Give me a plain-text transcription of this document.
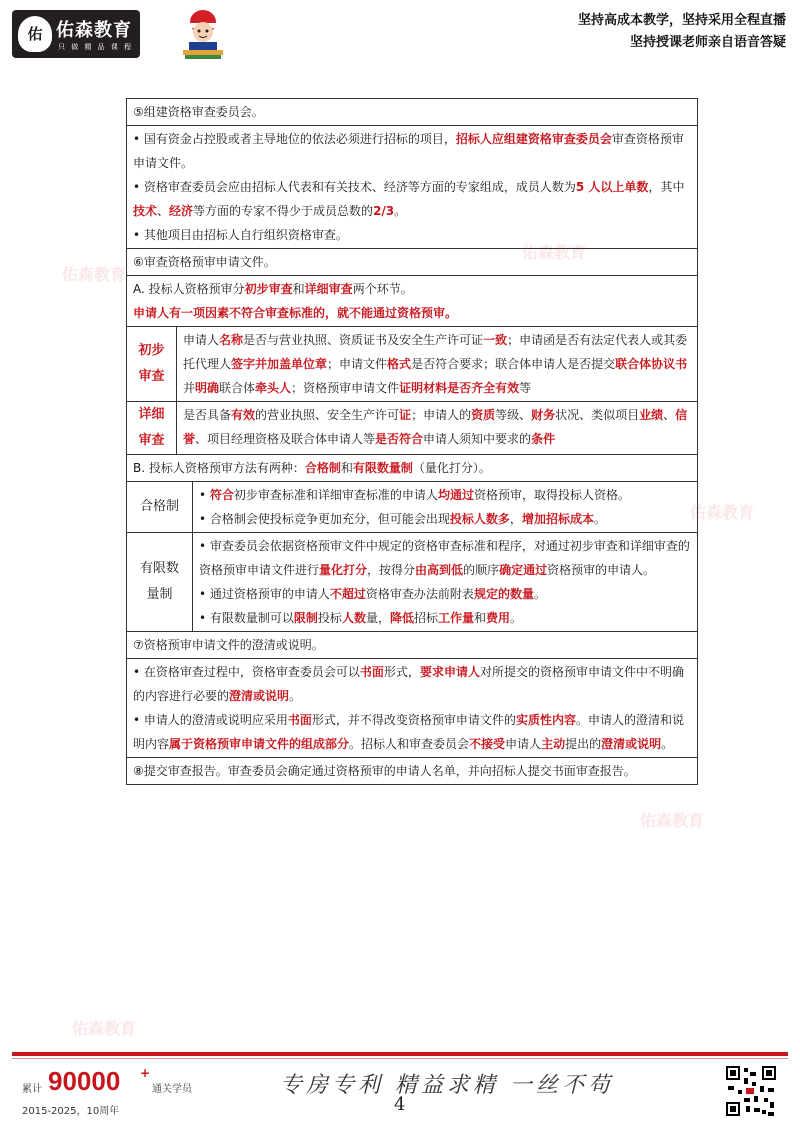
佑 佑森教育
只 做 精 品 课 程
坚持高成本教学，坚持采用全程直播
坚持授课老师亲自语音答疑
佑森教育
佑森教育
佑森教育
佑森教育
佑森教育
⑤组建资格审查委员会。

• 国有资金占控股或者主导地位的依法必须进行招标的项目，招标人应组建资格审查委员会审查资格预审申请文件。

• 资格审查委员会应由招标人代表和有关技术、经济等方面的专家组成，成员人数为5 人以上单数，其中技术、经济等方面的专家不得少于成员总数的2/3。

• 其他项目由招标人自行组织资格审查。

⑥审查资格预审申请文件。

A. 投标人资格预审分初步审查和详细审查两个环节。

申请人有一项因素不符合审查标准的，就不能通过资格预审。

初步审查

申请人名称是否与营业执照、资质证书及安全生产许可证一致；申请函是否有法定代表人或其委托代理人签字并加盖单位章；申请文件格式是否符合要求；联合体申请人是否提交联合体协议书并明确联合体牵头人；资格预审申请文件证明材料是否齐全有效等

详细审查

是否具备有效的营业执照、安全生产许可证；申请人的资质等级、财务状况、类似项目业绩、信誉、项目经理资格及联合体申请人等是否符合申请人须知中要求的条件

B. 投标人资格预审方法有两种：合格制和有限数量制（量化打分）。

合格制

• 符合初步审查标准和详细审查标准的申请人均通过资格预审，取得投标人资格。

• 合格制会使投标竞争更加充分，但可能会出现投标人数多，增加招标成本。

有限数量制

• 审查委员会依据资格预审文件中规定的资格审查标准和程序，对通过初步审查和详细审查的资格预审申请文件进行量化打分，按得分由高到低的顺序确定通过资格预审的申请人。

• 通过资格预审的申请人不超过资格审查办法前附表规定的数量。

• 有限数量制可以限制投标人数量，降低招标工作量和费用。

⑦资格预审申请文件的澄清或说明。

• 在资格审查过程中，资格审查委员会可以书面形式，要求申请人对所提交的资格预审申请文件中不明确的内容进行必要的澄清或说明。

• 申请人的澄清或说明应采用书面形式，并不得改变资格预审申请文件的实质性内容。申请人的澄清和说明内容属于资格预审申请文件的组成部分。招标人和审查委员会不接受申请人主动提出的澄清或说明。

⑧提交审查报告。审查委员会确定通过资格预审的申请人名单，并向招标人提交书面审查报告。

累计 90000 +
通关学员
2015-2025，10周年
专房专利 精益求精 一丝不苟
4
